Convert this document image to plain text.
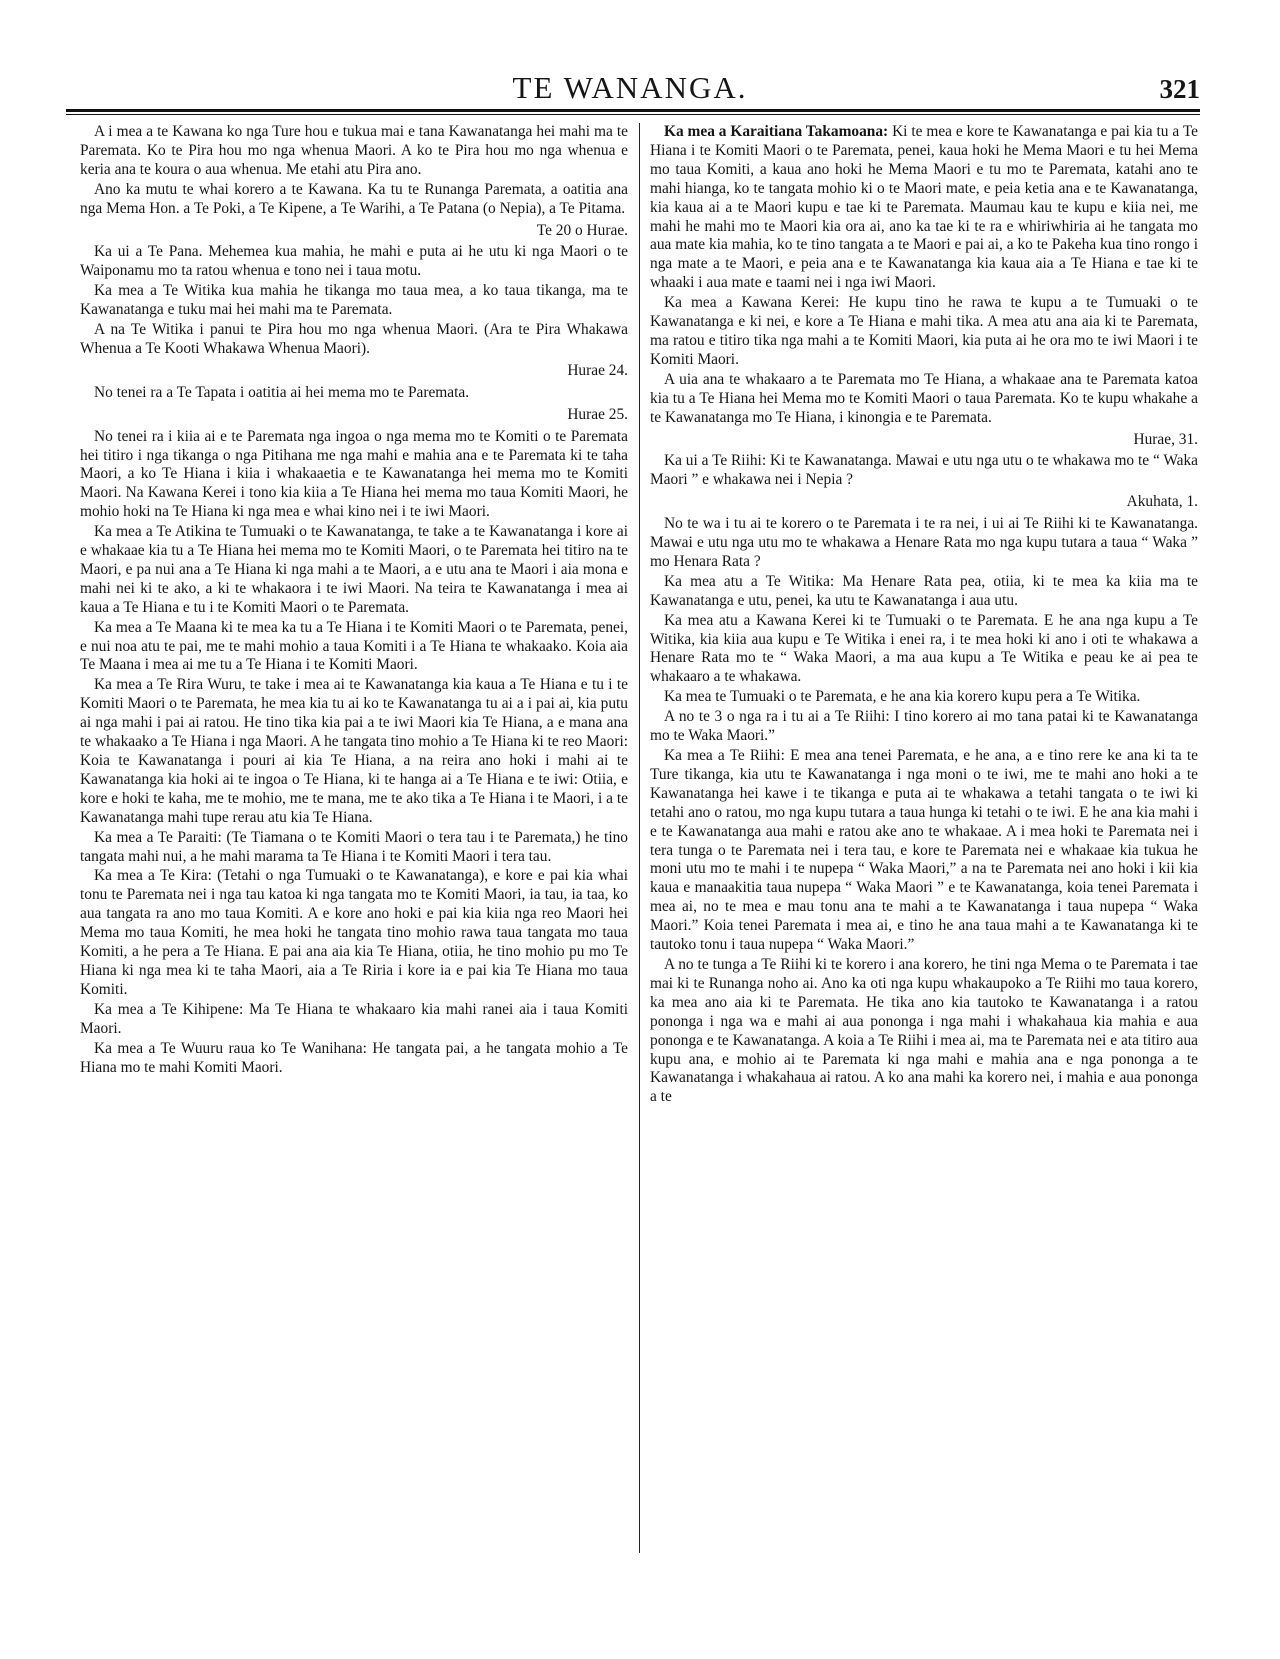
TE WANANGA.	321

A i mea a te Kawana ko nga Ture hou e tukua mai e tana Kawanatanga hei mahi ma te Paremata. Ko te Pira hou mo nga whenua Maori. A ko te Pira hou mo nga whenua e keria ana te koura o aua whenua. Me etahi atu Pira ano.

Ano ka mutu te whai korero a te Kawana. Ka tu te Runanga Paremata, a oatitia ana nga Mema Hon. a Te Poki, a Te Kipene, a Te Warihi, a Te Patana (o Nepia), a Te Pitama.

Te 20 o Hurae.

Ka ui a Te Pana. Mehemea kua mahia, he mahi e puta ai he utu ki nga Maori o te Waiponamu mo ta ratou whenua e tono nei i taua motu.

Ka mea a Te Witika kua mahia he tikanga mo taua mea, a ko taua tikanga, ma te Kawanatanga e tuku mai hei mahi ma te Paremata.

A na Te Witika i panui te Pira hou mo nga whenua Maori. (Ara te Pira Whakawa Whenua a Te Kooti Whakawa Whenua Maori).

Hurae 24.

No tenei ra a Te Tapata i oatitia ai hei mema mo te Paremata.

Hurae 25.

No tenei ra i kiia ai e te Paremata nga ingoa o nga mema mo te Komiti o te Paremata hei titiro i nga tikanga o nga Pitihana me nga mahi e mahia ana e te Paremata ki te taha Maori, a ko Te Hiana i kiia i whakaaetia e te Kawanatanga hei mema mo te Komiti Maori. Na Kawana Kerei i tono kia kiia a Te Hiana hei mema mo taua Komiti Maori, he mohio hoki na Te Hiana ki nga mea e whai kino nei i te iwi Maori.

Ka mea a Te Atikina te Tumuaki o te Kawanatanga, te take a te Kawanatanga i kore ai e whakaae kia tu a Te Hiana hei mema mo te Komiti Maori, o te Paremata hei titiro na te Maori, e pa nui ana a Te Hiana ki nga mahi a te Maori, a e utu ana te Maori i aia mona e mahi nei ki te ako, a ki te whakaora i te iwi Maori. Na teira te Kawanatanga i mea ai kaua a Te Hiana e tu i te Komiti Maori o te Paremata.

Ka mea a Te Maana ki te mea ka tu a Te Hiana i te Komiti Maori o te Paremata, penei, e nui noa atu te pai, me te mahi mohio a taua Komiti i a Te Hiana te whakaako. Koia aia Te Maana i mea ai me tu a Te Hiana i te Komiti Maori.

Ka mea a Te Rira Wuru, te take i mea ai te Kawanatanga kia kaua a Te Hiana e tu i te Komiti Maori o te Paremata, he mea kia tu ai ko te Kawanatanga tu ai a i pai ai, kia putu ai nga mahi i pai ai ratou. He tino tika kia pai a te iwi Maori kia Te Hiana, a e mana ana te whakaako a Te Hiana i nga Maori. A he tangata tino mohio a Te Hiana ki te reo Maori: Koia te Kawanatanga i pouri ai kia Te Hiana, a na reira ano hoki i mahi ai te Kawanatanga kia hoki ai te ingoa o Te Hiana, ki te hanga ai a Te Hiana e te iwi: Otiia, e kore e hoki te kaha, me te mohio, me te mana, me te ako tika a Te Hiana i te Maori, i a te Kawanatanga mahi tupe rerau atu kia Te Hiana.

Ka mea a Te Paraiti: (Te Tiamana o te Komiti Maori o tera tau i te Paremata,) he tino tangata mahi nui, a he mahi marama ta Te Hiana i te Komiti Maori i tera tau.

Ka mea a Te Kira: (Tetahi o nga Tumuaki o te Kawanatanga), e kore e pai kia whai tonu te Paremata nei i nga tau katoa ki nga tangata mo te Komiti Maori, ia tau, ia taa, ko aua tangata ra ano mo taua Komiti. A e kore ano hoki e pai kia kiia nga reo Maori hei Mema mo taua Komiti, he mea hoki he tangata tino mohio rawa taua tangata mo taua Komiti, a he pera a Te Hiana. E pai ana aia kia Te Hiana, otiia, he tino mohio pu mo Te Hiana ki nga mea ki te taha Maori, aia a Te Riria i kore ia e pai kia Te Hiana mo taua Komiti.

Ka mea a Te Kihipene: Ma Te Hiana te whakaaro kia mahi ranei aia i taua Komiti Maori.

Ka mea a Te Wuuru raua ko Te Wanihana: He tangata pai, a he tangata mohio a Te Hiana mo te mahi Komiti Maori.

Ka mea a Karaitiana Takamoana: Ki te mea e kore te Kawanatanga e pai kia tu a Te Hiana i te Komiti Maori o te Paremata, penei, kaua hoki he Mema Maori e tu hei Mema mo taua Komiti, a kaua ano hoki he Mema Maori e tu mo te Paremata, katahi ano te mahi hianga, ko te tangata mohio ki o te Maori mate, e peia ketia ana e te Kawanatanga, kia kaua ai a te Maori kupu e tae ki te Paremata. Maumau kau te kupu e kiia nei, me mahi he mahi mo te Maori kia ora ai, ano ka tae ki te ra e whiriwhiria ai he tangata mo aua mate kia mahia, ko te tino tangata a te Maori e pai ai, a ko te Pakeha kua tino rongo i nga mate a te Maori, e peia ana e te Kawanatanga kia kaua aia a Te Hiana e tae ki te whaaki i aua mate e taami nei i nga iwi Maori.

Ka mea a Kawana Kerei: He kupu tino he rawa te kupu a te Tumuaki o te Kawanatanga e ki nei, e kore a Te Hiana e mahi tika. A mea atu ana aia ki te Paremata, ma ratou e titiro tika nga mahi a te Komiti Maori, kia puta ai he ora mo te iwi Maori i te Komiti Maori.

A uia ana te whakaaro a te Paremata mo Te Hiana, a whakaae ana te Paremata katoa kia tu a Te Hiana hei Mema mo te Komiti Maori o taua Paremata. Ko te kupu whakahe a te Kawanatanga mo Te Hiana, i kinongia e te Paremata.

Hurae, 31.

Ka ui a Te Riihi: Ki te Kawanatanga. Mawai e utu nga utu o te whakawa mo te “ Waka Maori ” e whakawa nei i Nepia ?

Akuhata, 1.

No te wa i tu ai te korero o te Paremata i te ra nei, i ui ai Te Riihi ki te Kawanatanga. Mawai e utu nga utu mo te whakawa a Henare Rata mo nga kupu tutara a taua “ Waka ” mo Henara Rata ?

Ka mea atu a Te Witika: Ma Henare Rata pea, otiia, ki te mea ka kiia ma te Kawanatanga e utu, penei, ka utu te Kawanatanga i aua utu.

Ka mea atu a Kawana Kerei ki te Tumuaki o te Paremata. E he ana nga kupu a Te Witika, kia kiia aua kupu e Te Witika i enei ra, i te mea hoki ki ano i oti te whakawa a Henare Rata mo te “ Waka Maori, a ma aua kupu a Te Witika e peau ke ai pea te whakaaro a te whakawa.

Ka mea te Tumuaki o te Paremata, e he ana kia korero kupu pera a Te Witika.

A no te 3 o nga ra i tu ai a Te Riihi: I tino korero ai mo tana patai ki te Kawanatanga mo te Waka Maori.”

Ka mea a Te Riihi: E mea ana tenei Paremata, e he ana, a e tino rere ke ana ki ta te Ture tikanga, kia utu te Kawanatanga i nga moni o te iwi, me te mahi ano hoki a te Kawanatanga hei kawe i te tikanga e puta ai te whakawa a tetahi tangata o te iwi ki tetahi ano o ratou, mo nga kupu tutara a taua hunga ki tetahi o te iwi. E he ana kia mahi i e te Kawanatanga aua mahi e ratou ake ano te whakaae. A i mea hoki te Paremata nei i tera tunga o te Paremata nei i tera tau, e kore te Paremata nei e whakaae kia tukua he moni utu mo te mahi i te nupepa “ Waka Maori,” a na te Paremata nei ano hoki i kii kia kaua e manaakitia taua nupepa “ Waka Maori ” e te Kawanatanga, koia tenei Paremata i mea ai, no te mea e mau tonu ana te mahi a te Kawanatanga i taua nupepa “ Waka Maori.” Koia tenei Paremata i mea ai, e tino he ana taua mahi a te Kawanatanga ki te tautoko tonu i taua nupepa “ Waka Maori.”

A no te tunga a Te Riihi ki te korero i ana korero, he tini nga Mema o te Paremata i tae mai ki te Runanga noho ai. Ano ka oti nga kupu whakaupoko a Te Riihi mo taua korero, ka mea ano aia ki te Paremata. He tika ano kia tautoko te Kawanatanga i a ratou pononga i nga wa e mahi ai aua pononga i nga mahi i whakahaua kia mahia e aua pononga e te Kawanatanga. A koia a Te Riihi i mea ai, ma te Paremata nei e ata titiro aua kupu ana, e mohio ai te Paremata ki nga mahi e mahia ana e nga pononga a te Kawanatanga i whakahaua ai ratou. A ko ana mahi ka korero nei, i mahia e aua pononga a te
